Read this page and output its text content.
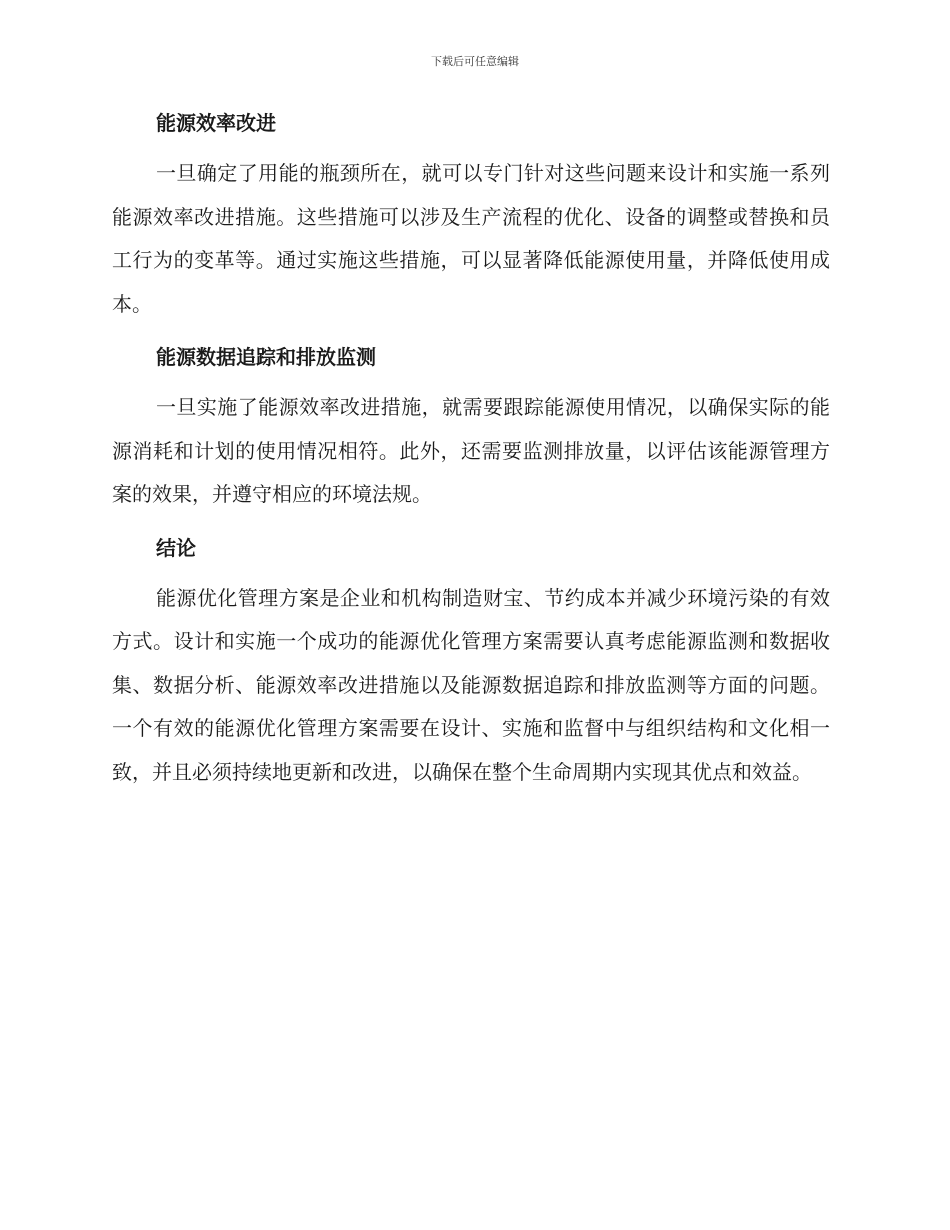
下载后可任意编辑
能源效率改进

一旦确定了用能的瓶颈所在，就可以专门针对这些问题来设计和实施一系列能源效率改进措施。这些措施可以涉及生产流程的优化、设备的调整或替换和员工行为的变革等。通过实施这些措施，可以显著降低能源使用量，并降低使用成本。

能源数据追踪和排放监测

一旦实施了能源效率改进措施，就需要跟踪能源使用情况，以确保实际的能源消耗和计划的使用情况相符。此外，还需要监测排放量，以评估该能源管理方案的效果，并遵守相应的环境法规。

结论

能源优化管理方案是企业和机构制造财宝、节约成本并减少环境污染的有效方式。设计和实施一个成功的能源优化管理方案需要认真考虑能源监测和数据收集、数据分析、能源效率改进措施以及能源数据追踪和排放监测等方面的问题。一个有效的能源优化管理方案需要在设计、实施和监督中与组织结构和文化相一致，并且必须持续地更新和改进，以确保在整个生命周期内实现其优点和效益。
